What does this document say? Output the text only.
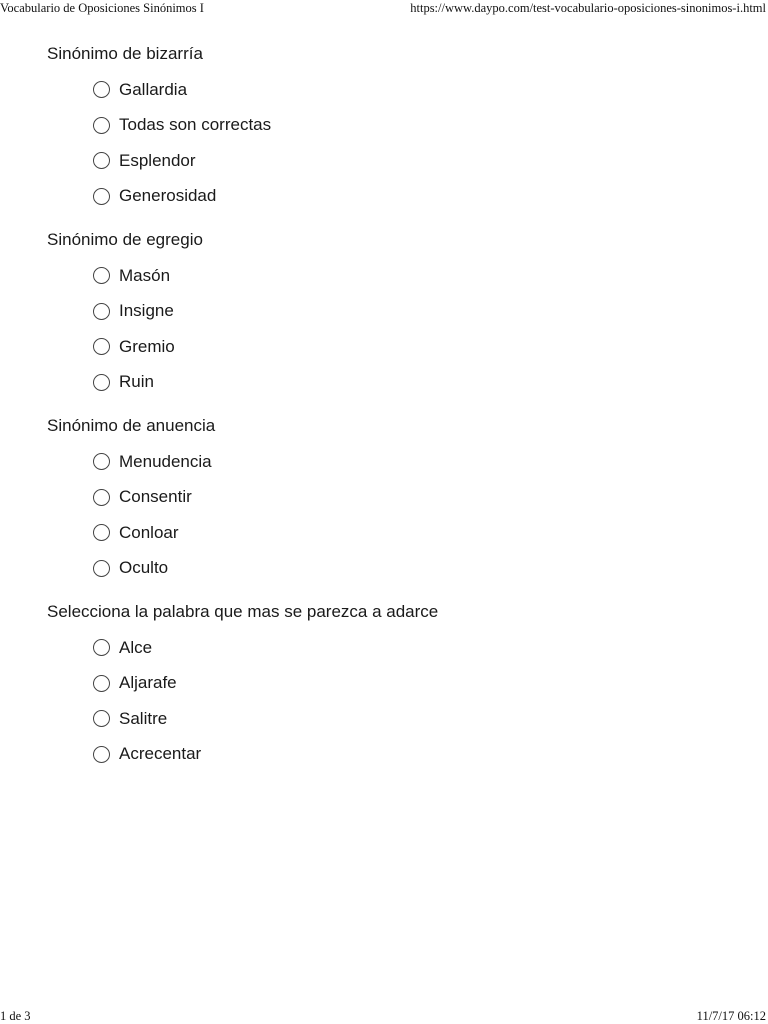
Vocabulario de Oposiciones Sinónimos I	https://www.daypo.com/test-vocabulario-oposiciones-sinonimos-i.html
Sinónimo de bizarría
Gallardia
Todas son correctas
Esplendor
Generosidad
Sinónimo de egregio
Masón
Insigne
Gremio
Ruin
Sinónimo de anuencia
Menudencia
Consentir
Conloar
Oculto
Selecciona la palabra que mas se parezca a adarce
Alce
Aljarafe
Salitre
Acrecentar
1 de 3	11/7/17 06:12
